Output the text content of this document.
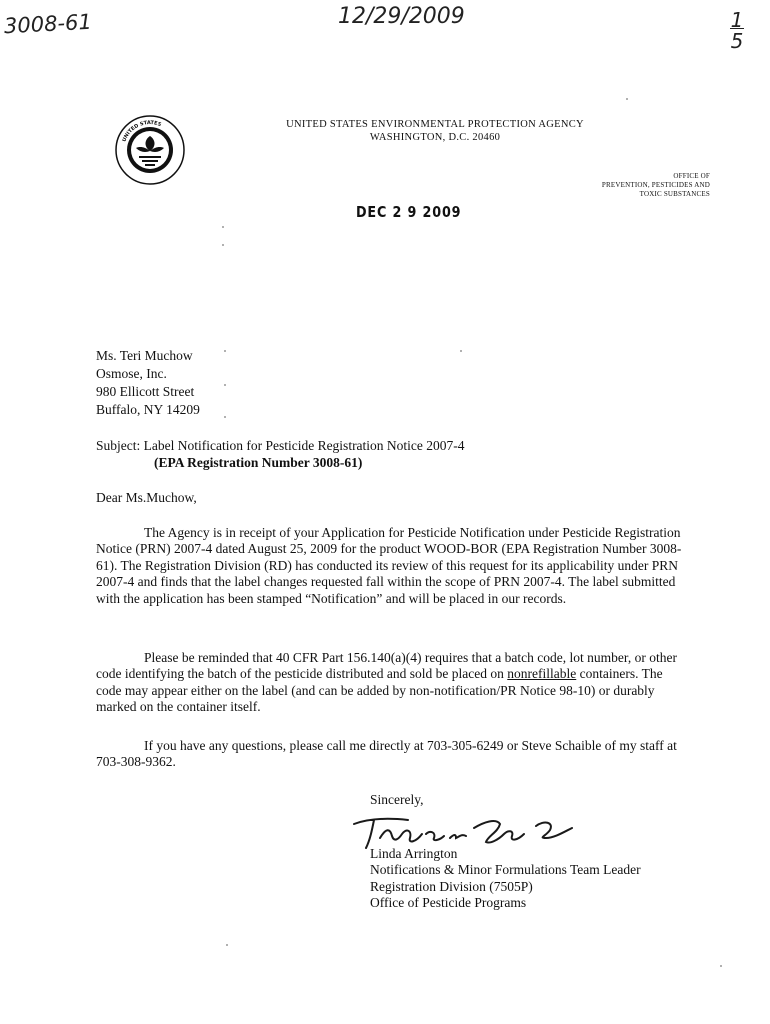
3008-61	12/29/2009	1
5
UNITED STATES	UNITED STATES ENVIRONMENTAL PROTECTION AGENCY
WASHINGTON, D.C. 20460
OFFICE OF
PREVENTION, PESTICIDES AND
TOXIC SUBSTANCES
DEC 2 9 2009
Ms. Teri Muchow
Osmose, Inc.
980 Ellicott Street
Buffalo, NY 14209
Subject: Label Notification for Pesticide Registration Notice 2007-4
(EPA Registration Number 3008-61)
Dear Ms.Muchow,
The Agency is in receipt of your Application for Pesticide Notification under Pesticide Registration Notice (PRN) 2007-4 dated August 25, 2009 for the product WOOD-BOR (EPA Registration Number 3008-61). The Registration Division (RD) has conducted its review of this request for its applicability under PRN 2007-4 and finds that the label changes requested fall within the scope of PRN 2007-4. The label submitted with the application has been stamped “Notification” and will be placed in our records.
Please be reminded that 40 CFR Part 156.140(a)(4) requires that a batch code, lot number, or other code identifying the batch of the pesticide distributed and sold be placed on nonrefillable containers. The code may appear either on the label (and can be added by non-notification/PR Notice 98-10) or durably marked on the container itself.
If you have any questions, please call me directly at 703-305-6249 or Steve Schaible of my staff at 703-308-9362.
Sincerely,
Linda Arrington
Notifications & Minor Formulations Team Leader
Registration Division (7505P)
Office of Pesticide Programs
